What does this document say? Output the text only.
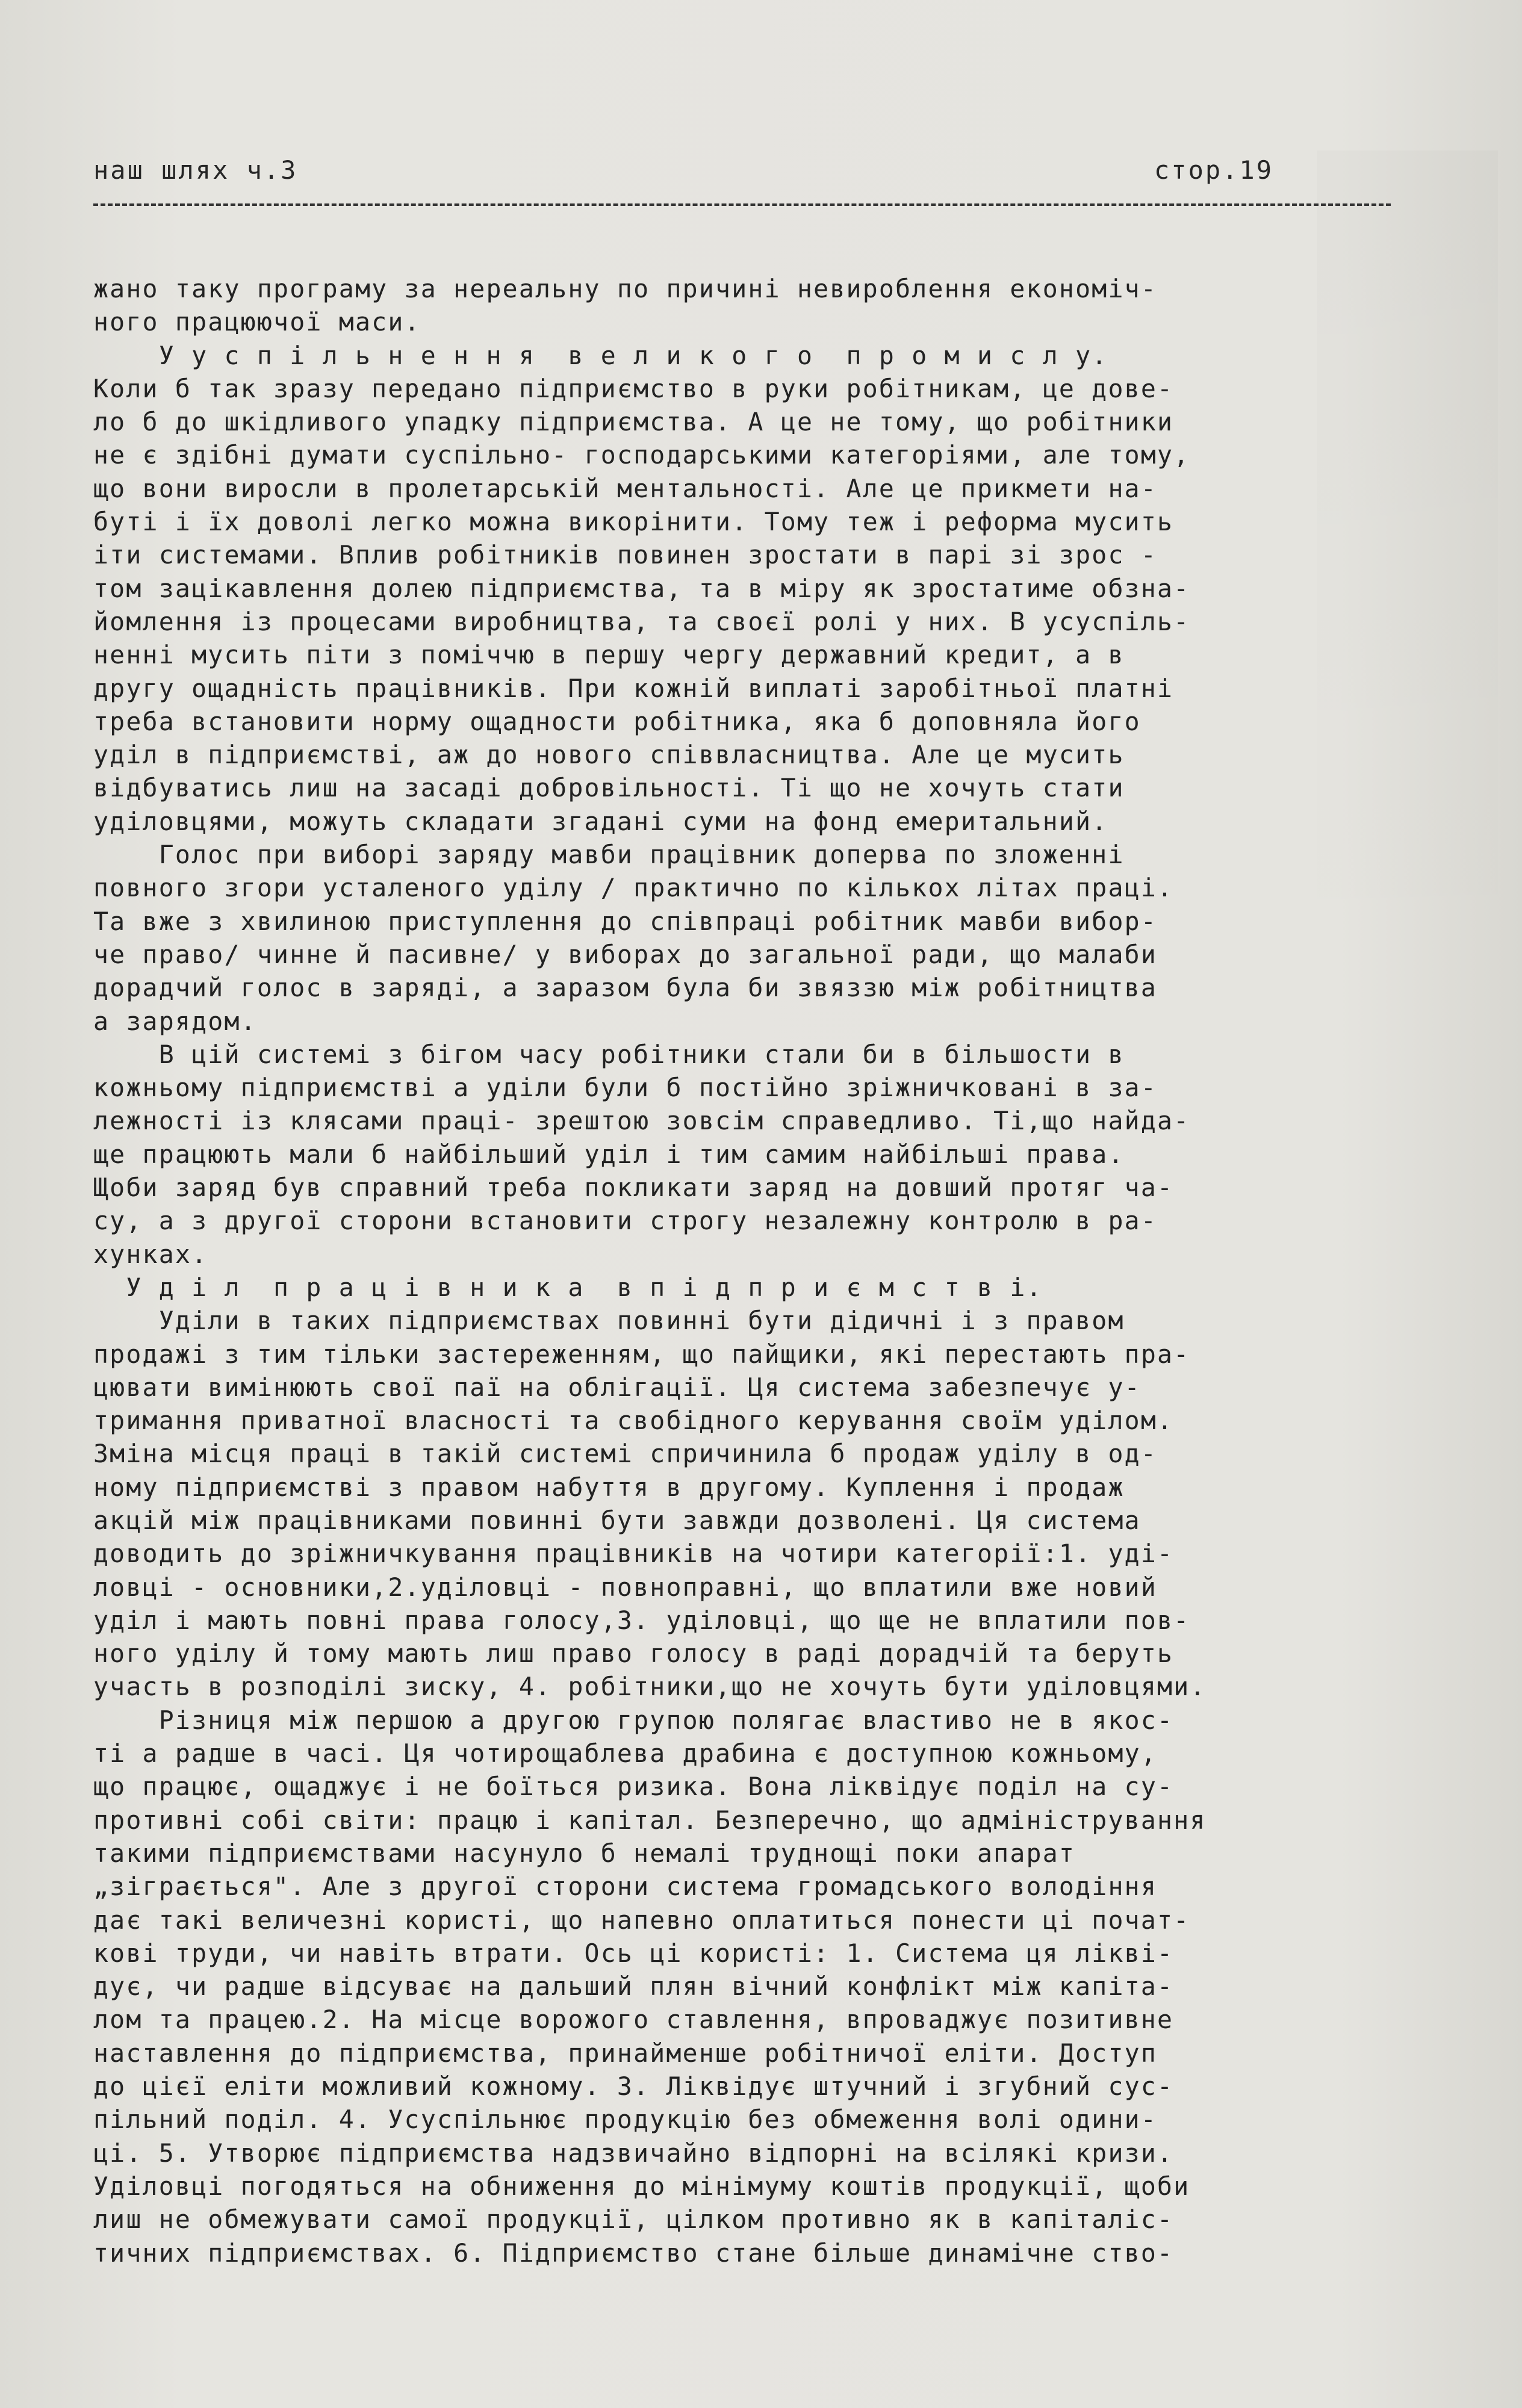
наш шлях ч.3	стор.19
жано таку програму за нереальну по причині невироблення економіч-
ного працюючої маси.
У у с п і л ь н е н н я  в е л и к о г о  п р о м и с л у.
Коли б так зразу передано підприємство в руки робітникам, це дове-
ло б до шкідливого упадку підприємства. А це не тому, що робітники
не є здібні думати суспільно- господарськими категоріями, але тому,
що вони виросли в пролетарській ментальності. Але це прикмети на-
буті і їх доволі легко можна викорінити. Тому теж і реформа мусить
іти системами. Вплив робітників повинен зростати в парі зі зрос -
том зацікавлення долею підприємства, та в міру як зростатиме обзна-
йомлення із процесами виробництва, та своєї ролі у них. В усуспіль-
ненні мусить піти з поміччю в першу чергу державний кредит, а в
другу ощадність працівників. При кожній виплаті заробітньої платні
треба встановити норму ощадности робітника, яка б доповняла його
уділ в підприємстві, аж до нового співвласництва. Але це мусить
відбуватись лиш на засаді добровільності. Ті що не хочуть стати
уділовцями, можуть складати згадані суми на фонд емеритальний.
Голос при виборі заряду мавби працівник доперва по зложенні
повного згори усталеного уділу / практично по кількох літах праці.
Та вже з хвилиною приступлення до співпраці робітник мавби вибор-
че право/ чинне й пасивне/ у виборах до загальної ради, що малаби
дорадчий голос в заряді, а заразом була би звяззю між робітництва
а зарядом.
В цій системі з бігом часу робітники стали би в більшости в
кожньому підприємстві а уділи були б постійно зріжничковані в за-
лежності із клясами праці- зрештою зовсім справедливо. Ті,що найда-
ще працюють мали б найбільший уділ і тим самим найбільші права.
Щоби заряд був справний треба покликати заряд на довший протяг ча-
су, а з другої сторони встановити строгу незалежну контролю в ра-
хунках.
У д і л  п р а ц і в н и к а  в п і д п р и є м с т в і.
Уділи в таких підприємствах повинні бути дідичні і з правом
продажі з тим тільки застереженням, що пайщики, які перестають пра-
цювати вимінюють свої паї на облігації. Ця система забезпечує у-
тримання приватної власності та свобідного керування своїм уділом.
Зміна місця праці в такій системі спричинила б продаж уділу в од-
ному підприємстві з правом набуття в другому. Куплення і продаж
акцій між працівниками повинні бути завжди дозволені. Ця система
доводить до зріжничкування працівників на чотири категорії:1. уді-
ловці - основники,2.уділовці - повноправні, що вплатили вже новий
уділ і мають повні права голосу,3. уділовці, що ще не вплатили пов-
ного уділу й тому мають лиш право голосу в раді дорадчій та беруть
участь в розподілі зиску, 4. робітники,що не хочуть бути уділовцями.
Різниця між першою а другою групою полягає властиво не в якос-
ті а радше в часі. Ця чотирощаблева драбина є доступною кожньому,
що працює, ощаджує і не боїться ризика. Вона ліквідує поділ на су-
противні собі світи: працю і капітал. Безперечно, що адміністрування
такими підприємствами насунуло б немалі труднощі поки апарат
„зіграється". Але з другої сторони система громадського володіння
дає такі величезні користі, що напевно оплатиться понести ці почат-
кові труди, чи навіть втрати. Ось ці користі: 1. Система ця лікві-
дує, чи радше відсуває на дальший плян вічний конфлікт між капіта-
лом та працею.2. На місце ворожого ставлення, впроваджує позитивне
наставлення до підприємства, принайменше робітничої еліти. Доступ
до цієї еліти можливий кожному. 3. Ліквідує штучний і згубний сус-
пільний поділ. 4. Усуспільнює продукцію без обмеження волі одини-
ці. 5. Утворює підприємства надзвичайно відпорні на всілякі кризи.
Уділовці погодяться на обниження до мінімуму коштів продукції, щоби
лиш не обмежувати самої продукції, цілком противно як в капіталіс-
тичних підприємствах. 6. Підприємство стане більше динамічне ство-
